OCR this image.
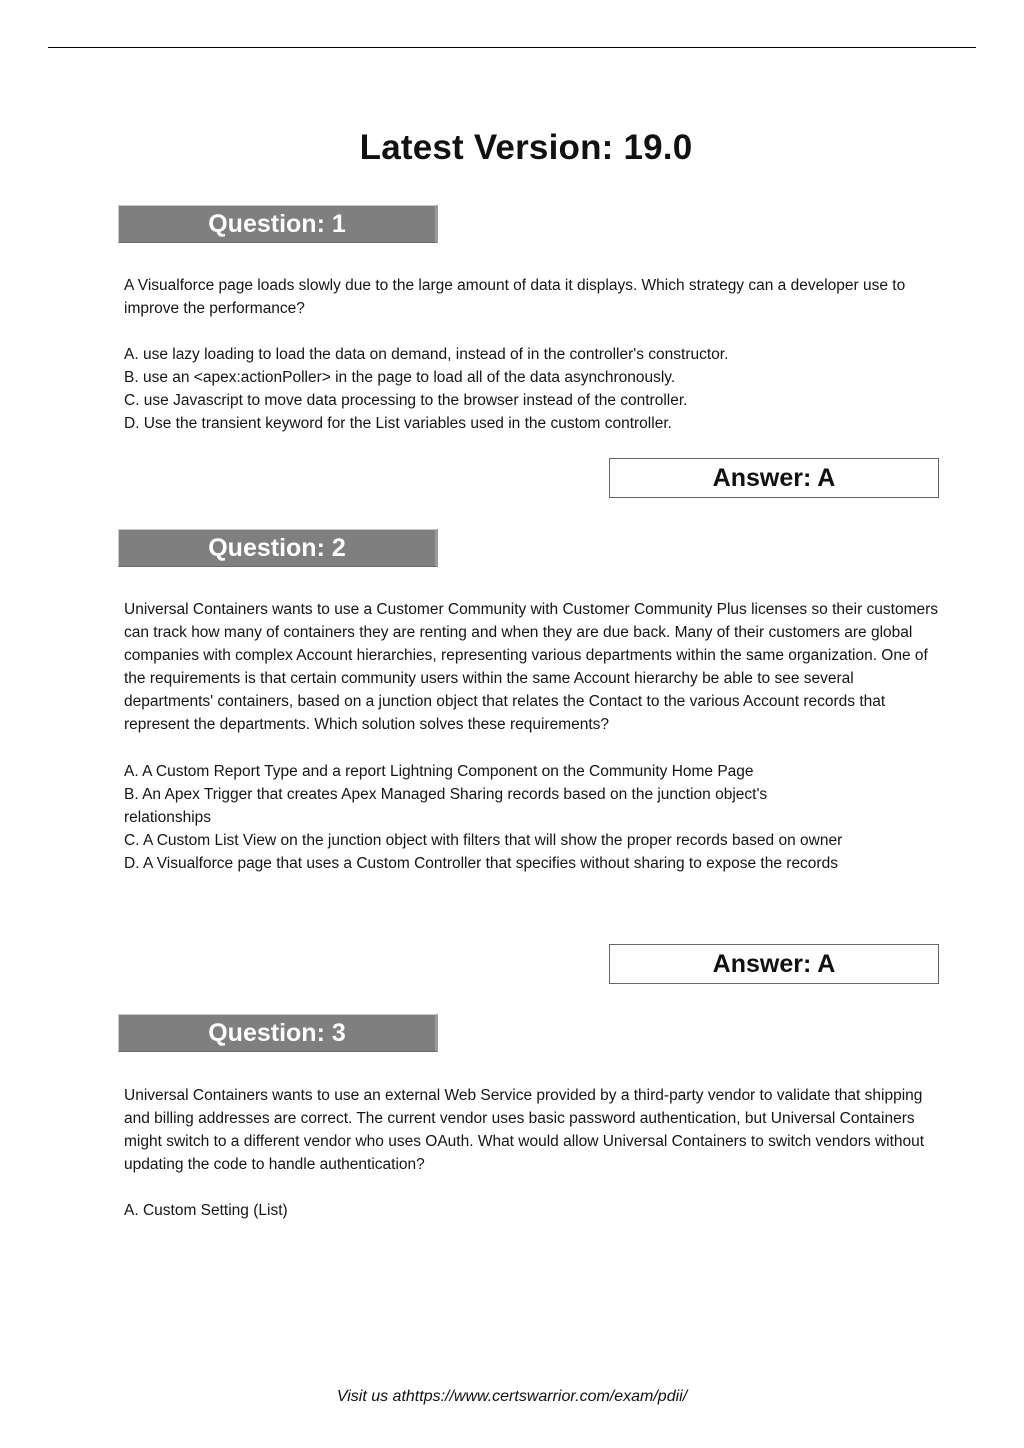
Latest Version: 19.0
Question: 1

A Visualforce page loads slowly due to the large amount of data it displays. Which strategy can a developer use to improve the performance?

A. use lazy loading to load the data on demand, instead of in the controller's constructor.

B. use an <apex:actionPoller> in the page to load all of the data asynchronously.

C. use Javascript to move data processing to the browser instead of the controller.

D. Use the transient keyword for the List variables used in the custom controller.

Answer: A
Question: 2

Universal Containers wants to use a Customer Community with Customer Community Plus licenses so their customers can track how many of containers they are renting and when they are due back. Many of their customers are global companies with complex Account hierarchies, representing various departments within the same organization. One of the requirements is that certain community users within the same Account hierarchy be able to see several departments' containers, based on a junction object that relates the Contact to the various Account records that represent the departments. Which solution solves these requirements?

A. A Custom Report Type and a report Lightning Component on the Community Home Page

B. An Apex Trigger that creates Apex Managed Sharing records based on the junction object's relationships

C. A Custom List View on the junction object with filters that will show the proper records based on owner

D. A Visualforce page that uses a Custom Controller that specifies without sharing to expose the records

Answer: A
Question: 3

Universal Containers wants to use an external Web Service provided by a third-party vendor to validate that shipping and billing addresses are correct. The current vendor uses basic password authentication, but Universal Containers might switch to a different vendor who uses OAuth. What would allow Universal Containers to switch vendors without updating the code to handle authentication?

A. Custom Setting (List)

Visit us athttps://www.certswarrior.com/exam/pdii/
